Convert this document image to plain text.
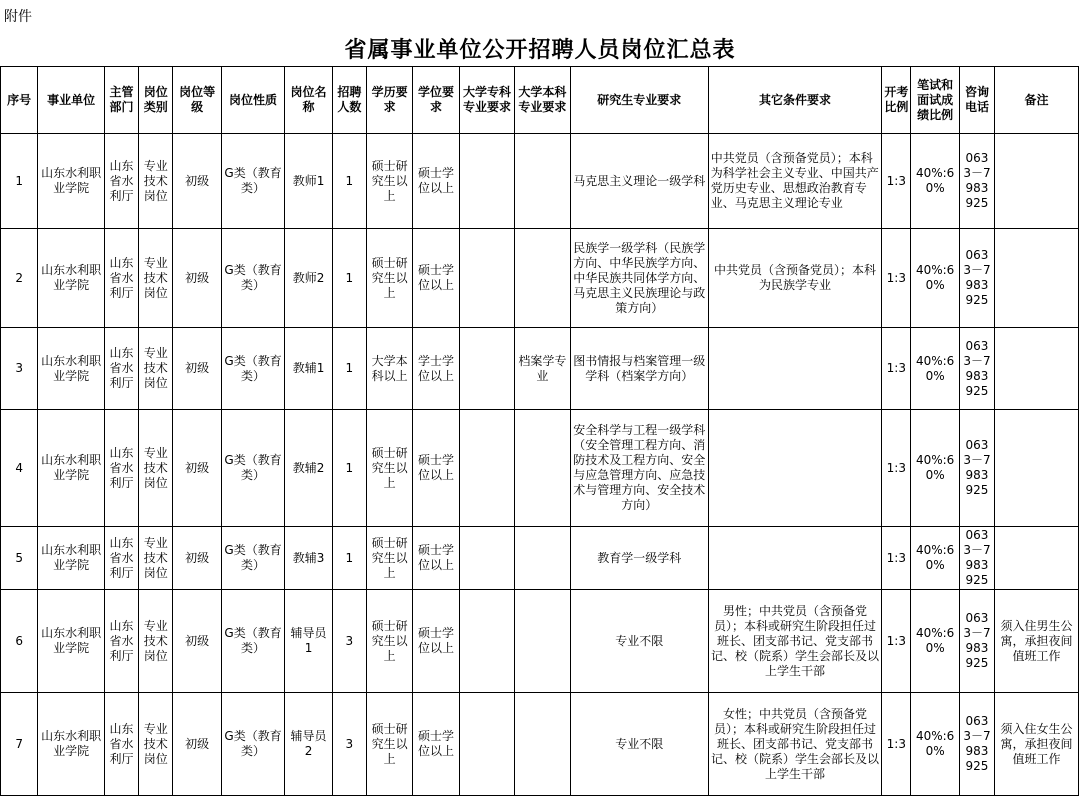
附件
省属事业单位公开招聘人员岗位汇总表
序号	事业单位	主管部门	岗位类别	岗位等级	岗位性质	岗位名称	招聘人数	学历要求	学位要求	大学专科专业要求	大学本科专业要求	研究生专业要求	其它条件要求	开考比例	笔试和面试成绩比例	咨询电话	备注
1	山东水利职业学院	山东省水利厅	专业技术岗位	初级	G类（教育类）	教师1	1	硕士研究生以上	硕士学位以上			马克思主义理论一级学科	中共党员（含预备党员）；本科为科学社会主义专业、中国共产党历史专业、思想政治教育专业、马克思主义理论专业	1:3	40%:60%	0633－7983925	
2	山东水利职业学院	山东省水利厅	专业技术岗位	初级	G类（教育类）	教师2	1	硕士研究生以上	硕士学位以上			民族学一级学科（民族学方向、中华民族学方向、中华民族共同体学方向、马克思主义民族理论与政策方向）	中共党员（含预备党员）；本科为民族学专业	1:3	40%:60%	0633－7983925	
3	山东水利职业学院	山东省水利厅	专业技术岗位	初级	G类（教育类）	教辅1	1	大学本科以上	学士学位以上		档案学专业	图书情报与档案管理一级学科（档案学方向）		1:3	40%:60%	0633－7983925	
4	山东水利职业学院	山东省水利厅	专业技术岗位	初级	G类（教育类）	教辅2	1	硕士研究生以上	硕士学位以上			安全科学与工程一级学科（安全管理工程方向、消防技术及工程方向、安全与应急管理方向、应急技术与管理方向、安全技术方向）		1:3	40%:60%	0633－7983925	
5	山东水利职业学院	山东省水利厅	专业技术岗位	初级	G类（教育类）	教辅3	1	硕士研究生以上	硕士学位以上			教育学一级学科		1:3	40%:60%	0633－7983925	
6	山东水利职业学院	山东省水利厅	专业技术岗位	初级	G类（教育类）	辅导员1	3	硕士研究生以上	硕士学位以上			专业不限	男性；中共党员（含预备党员）；本科或研究生阶段担任过班长、团支部书记、党支部书记、校（院系）学生会部长及以上学生干部	1:3	40%:60%	0633－7983925	须入住男生公寓，承担夜间值班工作
7	山东水利职业学院	山东省水利厅	专业技术岗位	初级	G类（教育类）	辅导员2	3	硕士研究生以上	硕士学位以上			专业不限	女性；中共党员（含预备党员）；本科或研究生阶段担任过班长、团支部书记、党支部书记、校（院系）学生会部长及以上学生干部	1:3	40%:60%	0633－7983925	须入住女生公寓，承担夜间值班工作
